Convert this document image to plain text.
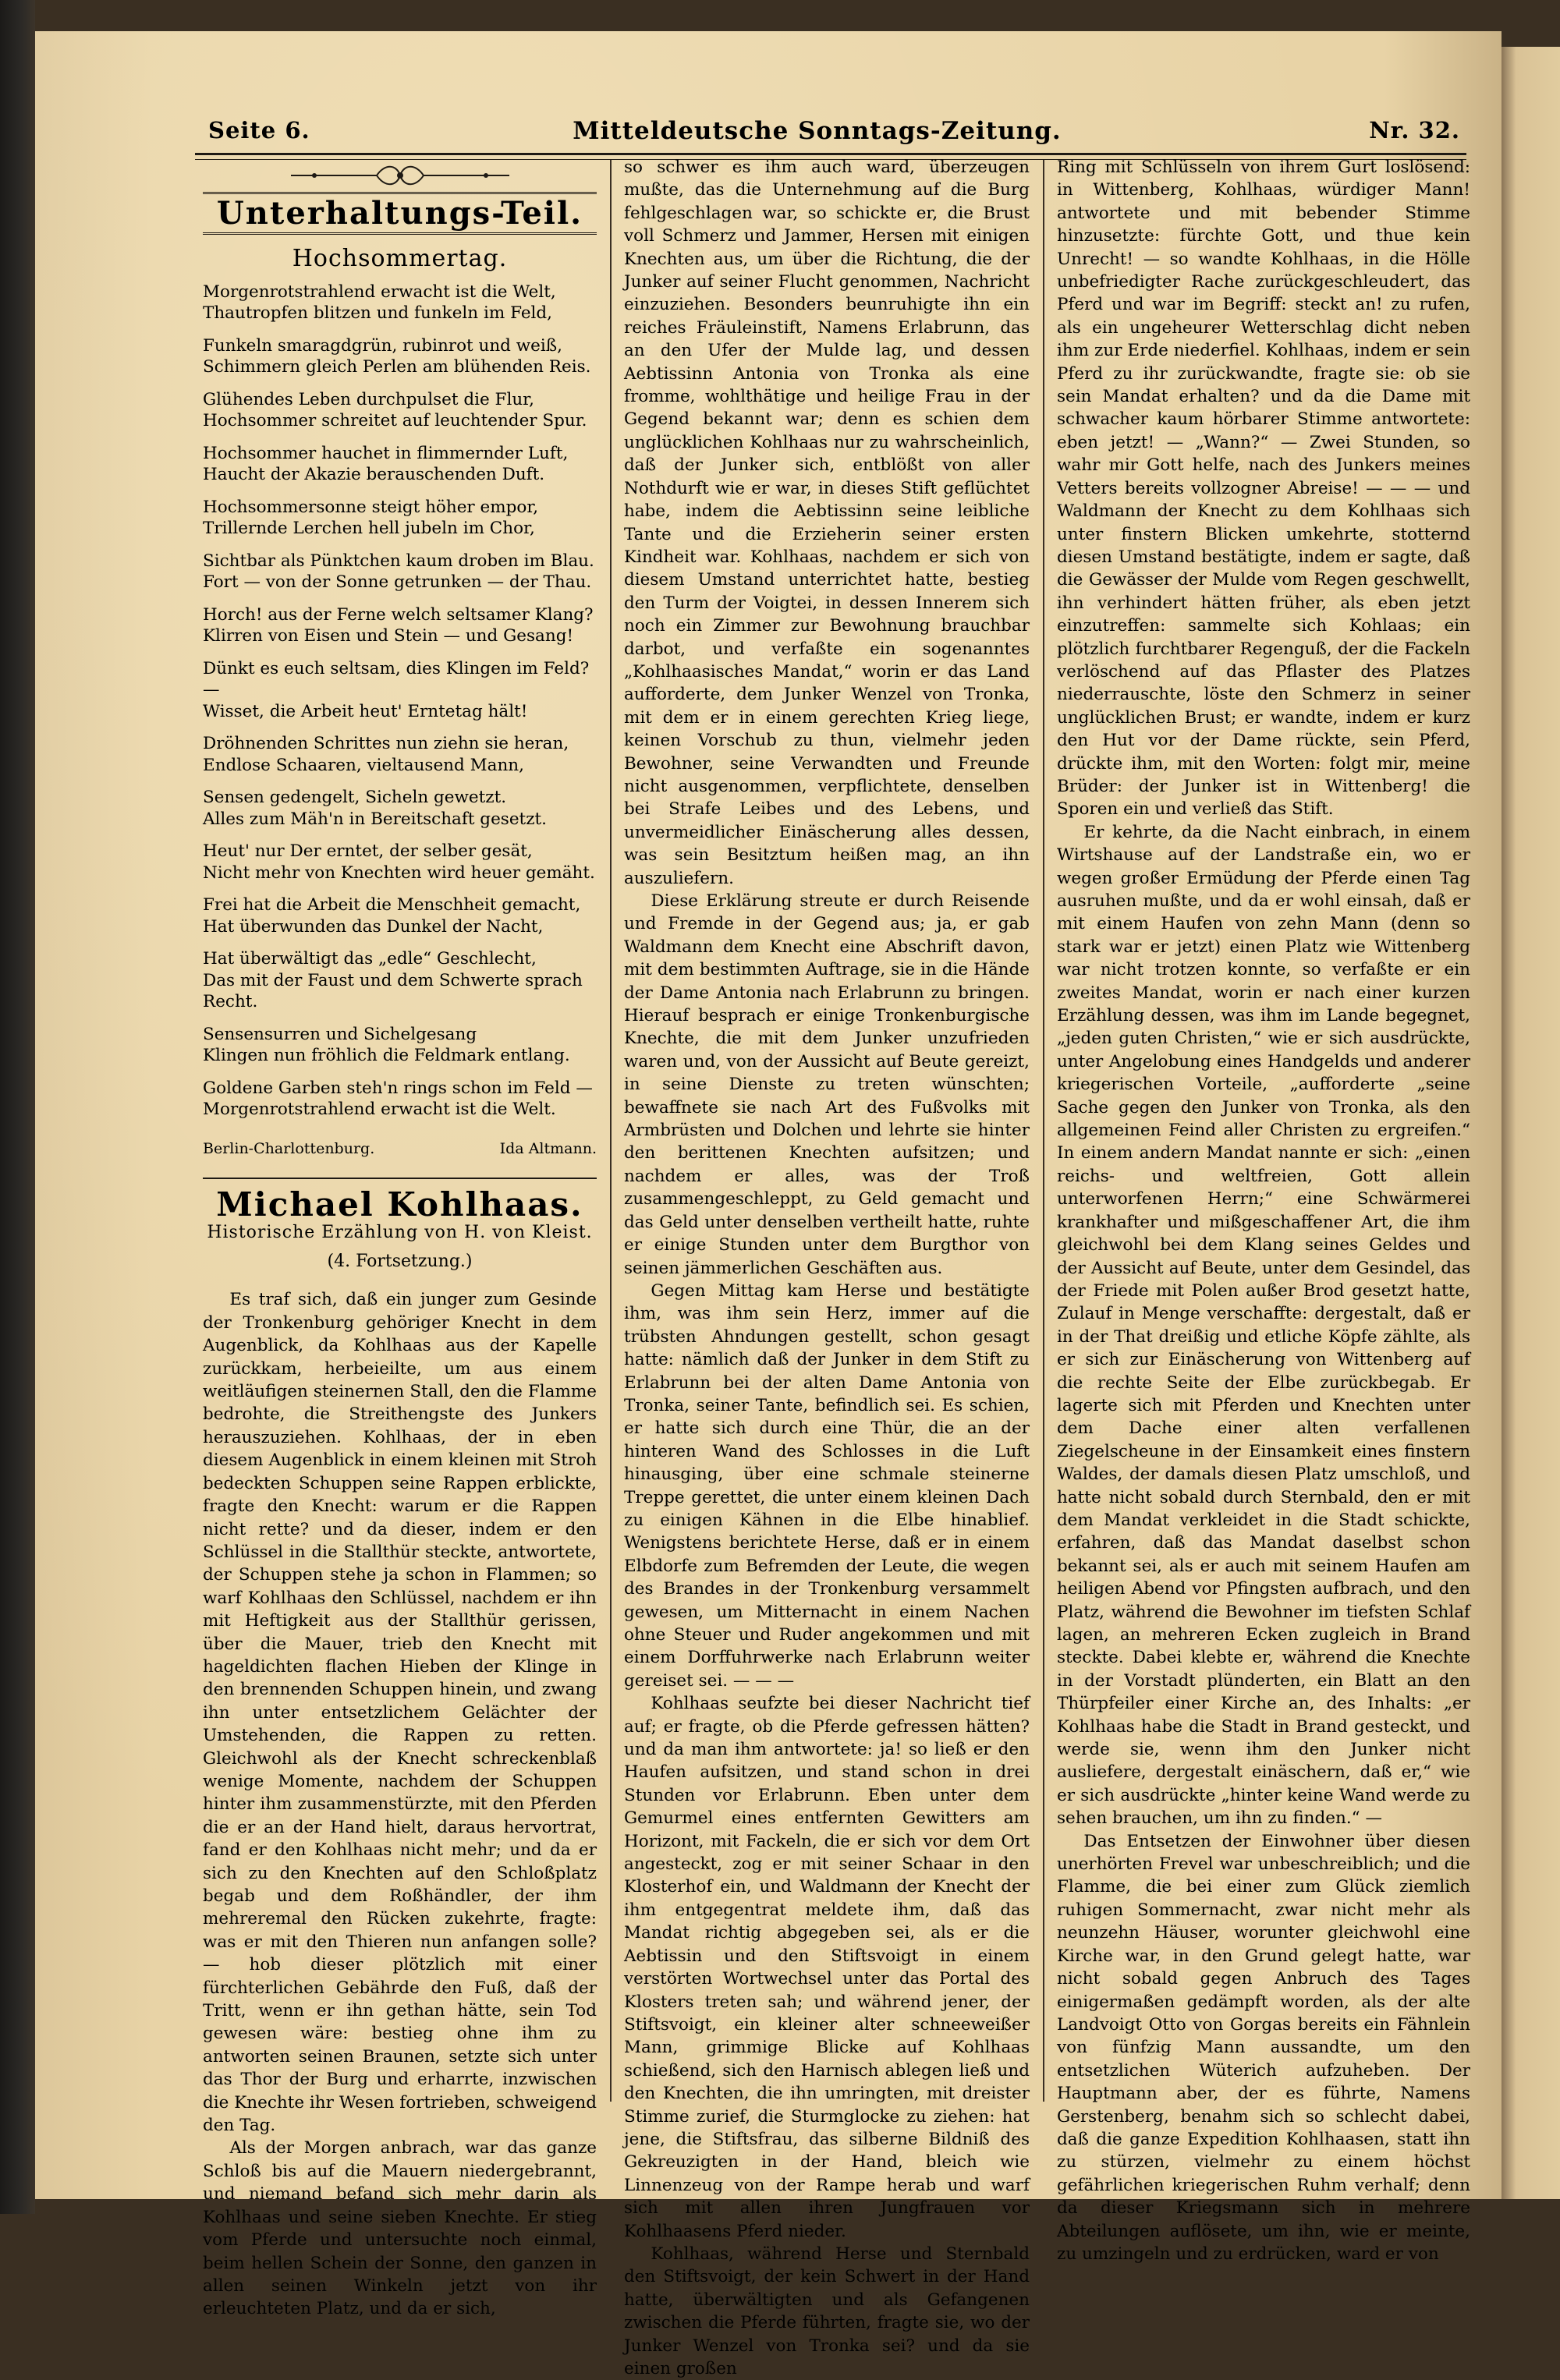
Seite 6.	Mitteldeutsche Sonntags-Zeitung.	Nr. 32.
Unterhaltungs-Teil.
Hochsommertag.
Morgenrotstrahlend erwacht ist die Welt,
Thautropfen blitzen und funkeln im Feld,
Funkeln smaragdgrün, rubinrot und weiß,
Schimmern gleich Perlen am blühenden Reis.
Glühendes Leben durchpulset die Flur,
Hochsommer schreitet auf leuchtender Spur.
Hochsommer hauchet in flimmernder Luft,
Haucht der Akazie berauschenden Duft.
Hochsommersonne steigt höher empor,
Trillernde Lerchen hell jubeln im Chor,
Sichtbar als Pünktchen kaum droben im Blau.
Fort — von der Sonne getrunken — der Thau.
Horch! aus der Ferne welch seltsamer Klang?
Klirren von Eisen und Stein — und Gesang!
Dünkt es euch seltsam, dies Klingen im Feld? —
Wisset, die Arbeit heut' Erntetag hält!
Dröhnenden Schrittes nun ziehn sie heran,
Endlose Schaaren, vieltausend Mann,
Sensen gedengelt, Sicheln gewetzt.
Alles zum Mäh'n in Bereitschaft gesetzt.
Heut' nur Der erntet, der selber gesät,
Nicht mehr von Knechten wird heuer gemäht.
Frei hat die Arbeit die Menschheit gemacht,
Hat überwunden das Dunkel der Nacht,
Hat überwältigt das „edle“ Geschlecht,
Das mit der Faust und dem Schwerte sprach Recht.
Sensensurren und Sichelgesang
Klingen nun fröhlich die Feldmark entlang.
Goldene Garben steh'n rings schon im Feld —
Morgenrotstrahlend erwacht ist die Welt.
Berlin-Charlottenburg.	Ida Altmann.
Michael Kohlhaas.
Historische Erzählung von H. von Kleist.
(4. Fortsetzung.)

Es traf sich, daß ein junger zum Gesinde der Tronkenburg gehöriger Knecht in dem Augenblick, da Kohlhaas aus der Kapelle zurückkam, herbeieilte, um aus einem weitläufigen steinernen Stall, den die Flamme bedrohte, die Streithengste des Junkers herauszuziehen. Kohlhaas, der in eben diesem Augenblick in einem kleinen mit Stroh bedeckten Schuppen seine Rappen erblickte, fragte den Knecht: warum er die Rappen nicht rette? und da dieser, indem er den Schlüssel in die Stallthür steckte, antwortete, der Schuppen stehe ja schon in Flammen; so warf Kohlhaas den Schlüssel, nachdem er ihn mit Heftigkeit aus der Stallthür gerissen, über die Mauer, trieb den Knecht mit hageldichten flachen Hieben der Klinge in den brennenden Schuppen hinein, und zwang ihn unter entsetzlichem Gelächter der Umstehenden, die Rappen zu retten. Gleichwohl als der Knecht schreckenblaß wenige Momente, nachdem der Schuppen hinter ihm zusammenstürzte, mit den Pferden die er an der Hand hielt, daraus hervortrat, fand er den Kohlhaas nicht mehr; und da er sich zu den Knechten auf den Schloßplatz begab und dem Roßhändler, der ihm mehreremal den Rücken zukehrte, fragte: was er mit den Thieren nun anfangen solle? — hob dieser plötzlich mit einer fürchterlichen Gebährde den Fuß, daß der Tritt, wenn er ihn gethan hätte, sein Tod gewesen wäre: bestieg ohne ihm zu antworten seinen Braunen, setzte sich unter das Thor der Burg und erharrte, inzwischen die Knechte ihr Wesen fortrieben, schweigend den Tag.

Als der Morgen anbrach, war das ganze Schloß bis auf die Mauern niedergebrannt, und niemand befand sich mehr darin als Kohlhaas und seine sieben Knechte. Er stieg vom Pferde und untersuchte noch einmal, beim hellen Schein der Sonne, den ganzen in allen seinen Winkeln jetzt von ihr erleuchteten Platz, und da er sich,

so schwer es ihm auch ward, überzeugen mußte, das die Unternehmung auf die Burg fehlgeschlagen war, so schickte er, die Brust voll Schmerz und Jammer, Hersen mit einigen Knechten aus, um über die Richtung, die der Junker auf seiner Flucht genommen, Nachricht einzuziehen. Besonders beunruhigte ihn ein reiches Fräuleinstift, Namens Erlabrunn, das an den Ufer der Mulde lag, und dessen Aebtissinn Antonia von Tronka als eine fromme, wohlthätige und heilige Frau in der Gegend bekannt war; denn es schien dem unglücklichen Kohlhaas nur zu wahrscheinlich, daß der Junker sich, entblößt von aller Nothdurft wie er war, in dieses Stift geflüchtet habe, indem die Aebtissinn seine leibliche Tante und die Erzieherin seiner ersten Kindheit war. Kohlhaas, nachdem er sich von diesem Umstand unterrichtet hatte, bestieg den Turm der Voigtei, in dessen Innerem sich noch ein Zimmer zur Bewohnung brauchbar darbot, und verfaßte ein sogenanntes „Kohlhaasisches Mandat,“ worin er das Land aufforderte, dem Junker Wenzel von Tronka, mit dem er in einem gerechten Krieg liege, keinen Vorschub zu thun, vielmehr jeden Bewohner, seine Verwandten und Freunde nicht ausgenommen, verpflichtete, denselben bei Strafe Leibes und des Lebens, und unvermeidlicher Einäscherung alles dessen, was sein Besitztum heißen mag, an ihn auszuliefern.

Diese Erklärung streute er durch Reisende und Fremde in der Gegend aus; ja, er gab Waldmann dem Knecht eine Abschrift davon, mit dem bestimmten Auftrage, sie in die Hände der Dame Antonia nach Erlabrunn zu bringen. Hierauf besprach er einige Tronkenburgische Knechte, die mit dem Junker unzufrieden waren und, von der Aussicht auf Beute gereizt, in seine Dienste zu treten wünschten; bewaffnete sie nach Art des Fußvolks mit Armbrüsten und Dolchen und lehrte sie hinter den berittenen Knechten aufsitzen; und nachdem er alles, was der Troß zusammengeschleppt, zu Geld gemacht und das Geld unter denselben vertheilt hatte, ruhte er einige Stunden unter dem Burgthor von seinen jämmerlichen Geschäften aus.

Gegen Mittag kam Herse und bestätigte ihm, was ihm sein Herz, immer auf die trübsten Ahndungen gestellt, schon gesagt hatte: nämlich daß der Junker in dem Stift zu Erlabrunn bei der alten Dame Antonia von Tronka, seiner Tante, befindlich sei. Es schien, er hatte sich durch eine Thür, die an der hinteren Wand des Schlosses in die Luft hinausging, über eine schmale steinerne Treppe gerettet, die unter einem kleinen Dach zu einigen Kähnen in die Elbe hinablief. Wenigstens berichtete Herse, daß er in einem Elbdorfe zum Befremden der Leute, die wegen des Brandes in der Tronkenburg versammelt gewesen, um Mitternacht in einem Nachen ohne Steuer und Ruder angekommen und mit einem Dorffuhrwerke nach Erlabrunn weiter gereiset sei. — — —

Kohlhaas seufzte bei dieser Nachricht tief auf; er fragte, ob die Pferde gefressen hätten? und da man ihm antwortete: ja! so ließ er den Haufen aufsitzen, und stand schon in drei Stunden vor Erlabrunn. Eben unter dem Gemurmel eines entfernten Gewitters am Horizont, mit Fackeln, die er sich vor dem Ort angesteckt, zog er mit seiner Schaar in den Klosterhof ein, und Waldmann der Knecht der ihm entgegentrat meldete ihm, daß das Mandat richtig abgegeben sei, als er die Aebtissin und den Stiftsvoigt in einem verstörten Wortwechsel unter das Portal des Klosters treten sah; und während jener, der Stiftsvoigt, ein kleiner alter schneeweißer Mann, grimmige Blicke auf Kohlhaas schießend, sich den Harnisch ablegen ließ und den Knechten, die ihn umringten, mit dreister Stimme zurief, die Sturmglocke zu ziehen: hat jene, die Stiftsfrau, das silberne Bildniß des Gekreuzigten in der Hand, bleich wie Linnenzeug von der Rampe herab und warf sich mit allen ihren Jungfrauen vor Kohlhaasens Pferd nieder.

Kohlhaas, während Herse und Sternbald den Stiftsvoigt, der kein Schwert in der Hand hatte, überwältigten und als Gefangenen zwischen die Pferde führten, fragte sie, wo der Junker Wenzel von Tronka sei? und da sie einen großen

Ring mit Schlüsseln von ihrem Gurt loslösend: in Wittenberg, Kohlhaas, würdiger Mann! antwortete und mit bebender Stimme hinzusetzte: fürchte Gott, und thue kein Unrecht! — so wandte Kohlhaas, in die Hölle unbefriedigter Rache zurückgeschleudert, das Pferd und war im Begriff: steckt an! zu rufen, als ein ungeheurer Wetterschlag dicht neben ihm zur Erde niederfiel. Kohlhaas, indem er sein Pferd zu ihr zurückwandte, fragte sie: ob sie sein Mandat erhalten? und da die Dame mit schwacher kaum hörbarer Stimme antwortete: eben jetzt! — „Wann?“ — Zwei Stunden, so wahr mir Gott helfe, nach des Junkers meines Vetters bereits vollzogner Abreise! — — — und Waldmann der Knecht zu dem Kohlhaas sich unter finstern Blicken umkehrte, stotternd diesen Umstand bestätigte, indem er sagte, daß die Gewässer der Mulde vom Regen geschwellt, ihn verhindert hätten früher, als eben jetzt einzutreffen: sammelte sich Kohlaas; ein plötzlich furchtbarer Regenguß, der die Fackeln verlöschend auf das Pflaster des Platzes niederrauschte, löste den Schmerz in seiner unglücklichen Brust; er wandte, indem er kurz den Hut vor der Dame rückte, sein Pferd, drückte ihm, mit den Worten: folgt mir, meine Brüder: der Junker ist in Wittenberg! die Sporen ein und verließ das Stift.

Er kehrte, da die Nacht einbrach, in einem Wirtshause auf der Landstraße ein, wo er wegen großer Ermüdung der Pferde einen Tag ausruhen mußte, und da er wohl einsah, daß er mit einem Haufen von zehn Mann (denn so stark war er jetzt) einen Platz wie Wittenberg war nicht trotzen konnte, so verfaßte er ein zweites Mandat, worin er nach einer kurzen Erzählung dessen, was ihm im Lande begegnet, „jeden guten Christen,“ wie er sich ausdrückte, unter Angelobung eines Handgelds und anderer kriegerischen Vorteile, „aufforderte „seine Sache gegen den Junker von Tronka, als den allgemeinen Feind aller Christen zu ergreifen.“ In einem andern Mandat nannte er sich: „einen reichs- und weltfreien, Gott allein unterworfenen Herrn;“ eine Schwärmerei krankhafter und mißgeschaffener Art, die ihm gleichwohl bei dem Klang seines Geldes und der Aussicht auf Beute, unter dem Gesindel, das der Friede mit Polen außer Brod gesetzt hatte, Zulauf in Menge verschaffte: dergestalt, daß er in der That dreißig und etliche Köpfe zählte, als er sich zur Einäscherung von Wittenberg auf die rechte Seite der Elbe zurückbegab. Er lagerte sich mit Pferden und Knechten unter dem Dache einer alten verfallenen Ziegelscheune in der Einsamkeit eines finstern Waldes, der damals diesen Platz umschloß, und hatte nicht sobald durch Sternbald, den er mit dem Mandat verkleidet in die Stadt schickte, erfahren, daß das Mandat daselbst schon bekannt sei, als er auch mit seinem Haufen am heiligen Abend vor Pfingsten aufbrach, und den Platz, während die Bewohner im tiefsten Schlaf lagen, an mehreren Ecken zugleich in Brand steckte. Dabei klebte er, während die Knechte in der Vorstadt plünderten, ein Blatt an den Thürpfeiler einer Kirche an, des Inhalts: „er Kohlhaas habe die Stadt in Brand gesteckt, und werde sie, wenn ihm den Junker nicht ausliefere, dergestalt einäschern, daß er,“ wie er sich ausdrückte „hinter keine Wand werde zu sehen brauchen, um ihn zu finden.“ —

Das Entsetzen der Einwohner über diesen unerhörten Frevel war unbeschreiblich; und die Flamme, die bei einer zum Glück ziemlich ruhigen Sommernacht, zwar nicht mehr als neunzehn Häuser, worunter gleichwohl eine Kirche war, in den Grund gelegt hatte, war nicht sobald gegen Anbruch des Tages einigermaßen gedämpft worden, als der alte Landvoigt Otto von Gorgas bereits ein Fähnlein von fünfzig Mann aussandte, um den entsetzlichen Wüterich aufzuheben. Der Hauptmann aber, der es führte, Namens Gerstenberg, benahm sich so schlecht dabei, daß die ganze Expedition Kohlhaasen, statt ihn zu stürzen, vielmehr zu einem höchst gefährlichen kriegerischen Ruhm verhalf; denn da dieser Kriegsmann sich in mehrere Abteilungen auflösete, um ihn, wie er meinte, zu umzingeln und zu erdrücken, ward er von
